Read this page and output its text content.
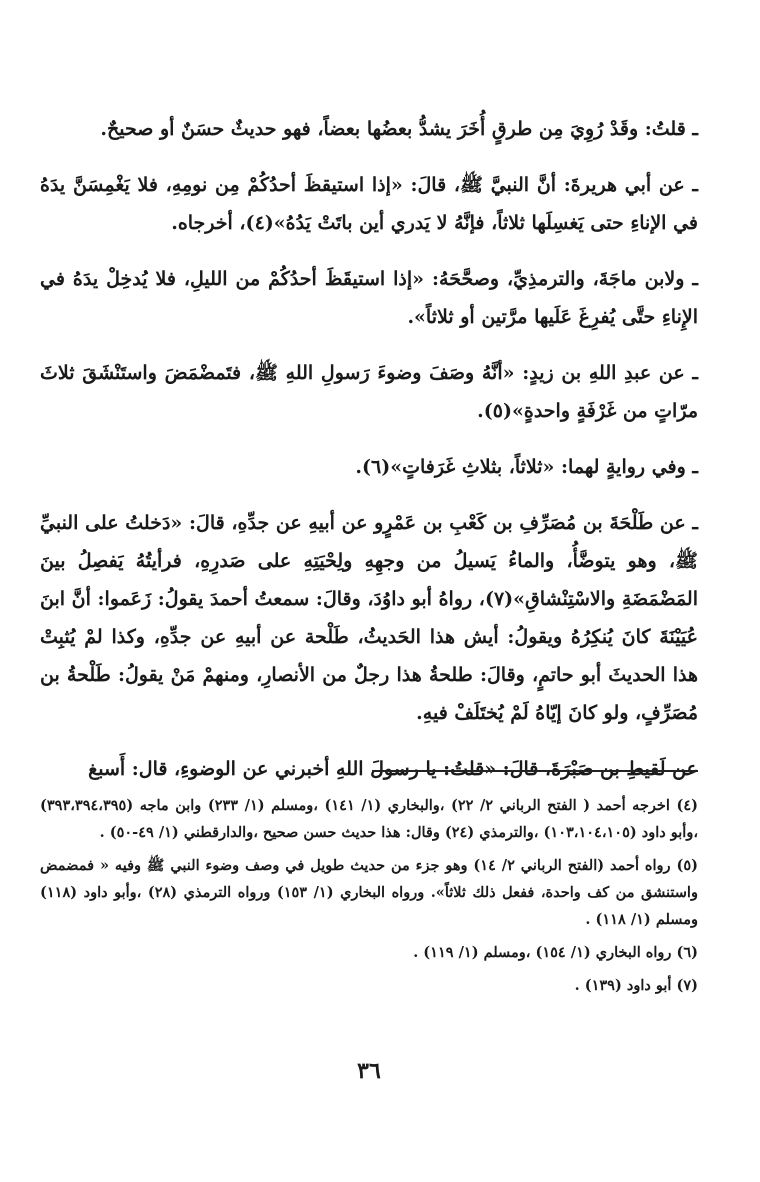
ـ قلتُ: وقَدْ رُوِيَ مِن طرقٍ أُخَرَ يشدُّ بعضُها بعضاً، فهو حديثٌ حسَنٌ أو صحيحٌ.

ـ عن أبي هريرةَ: أنَّ النبيَّ ﷺ، قالَ: «إذا استيقظَ أحدُكُمْ مِن نومِهِ، فلا يَغْمِسَنَّ يدَهُ في الإناءِ حتى يَغسِلَها ثلاثاً، فإنَّهُ لا يَدري أين باتَتْ يَدُهُ»(٤)، أخرجاه.

ـ ولابن ماجَةَ، والترمذِيِّ، وصحَّحَهُ: «إذا استيقَظَ أحدُكُمْ من الليلِ، فلا يُدخِلْ يدَهُ في الإِناءِ حتَّى يُفرِغَ عَلَيها مرَّتين أو ثلاثاً».

ـ عن عبدِ اللهِ بن زيدٍ: «أنَّهُ وصَفَ وضوءَ رَسولِ اللهِ ﷺ، فتَمضْمَضَ واستَنْشَقَ ثلاثَ مرّاتٍ من غَرْفَةٍ واحدةٍ»(٥).

ـ وفي روايةٍ لهما: «ثلاثاً، بثلاثِ غَرَفاتٍ»(٦).

ـ عن طَلْحَةَ بن مُصَرِّفِ بن كَعْبِ بن عَمْرٍو عن أبيهِ عن جدِّهِ، قالَ: «دَخلتُ على النبيِّ ﷺ، وهو يتوضَّأُ، والماءُ يَسيلُ من وجهِهِ ولِحْيَتِهِ على صَدرِهِ، فرأيتُهُ يَفصِلُ بينَ المَضْمَضَةِ والاسْتِنْشاقِ»(٧)، رواهُ أبو داوُدَ، وقالَ: سمعتُ أحمدَ يقولُ: زَعَموا: أنَّ ابنَ عُيَيْنَةَ كانَ يُنكِرُهُ ويقولُ: أيش هذا الحَديثُ، طَلْحة عن أبيهِ عن جدِّهِ، وكذا لمْ يُثبِتْ هذا الحديثَ أبو حاتمٍ، وقالَ: طلحةُ هذا رجلٌ من الأنصارِ، ومنهمْ مَنْ يقولُ: طَلْحةُ بن مُصَرِّفٍ، ولو كانَ إيّاهُ لَمْ يُختَلَفْ فيهِ.

عن لَقيطِ بن صَبْرَةَ، قالَ: «قلتُ: يا رسولَ اللهِ أخبرني عن الوضوءِ، قال: أَسبغ

(٤) اخرجه أحمد ( الفتح الرباني ٢/ ٢٢) ،والبخاري (١/ ١٤١) ،ومسلم (١/ ٢٣٣) وابن ماجه (٣٩٣،٣٩٤،٣٩٥) ،وأبو داود (١٠٣،١٠٤،١٠٥) ،والترمذي (٢٤) وقال: هذا حديث حسن صحيح ،والدارقطني (١/ ٤٩-٥٠) .

(٥) رواه أحمد (الفتح الرباني ٢/ ١٤) وهو جزء من حديث طويل في وصف وضوء النبي ﷺ وفيه « فمضمض واستنشق من كف واحدة، ففعل ذلك ثلاثاً». ورواه البخاري (١/ ١٥٣) ورواه الترمذي (٢٨) ،وأبو داود (١١٨) ومسلم (١/ ١١٨) .

(٦) رواه البخاري (١/ ١٥٤) ،ومسلم (١/ ١١٩) .

(٧) أبو داود (١٣٩) .

٣٦
